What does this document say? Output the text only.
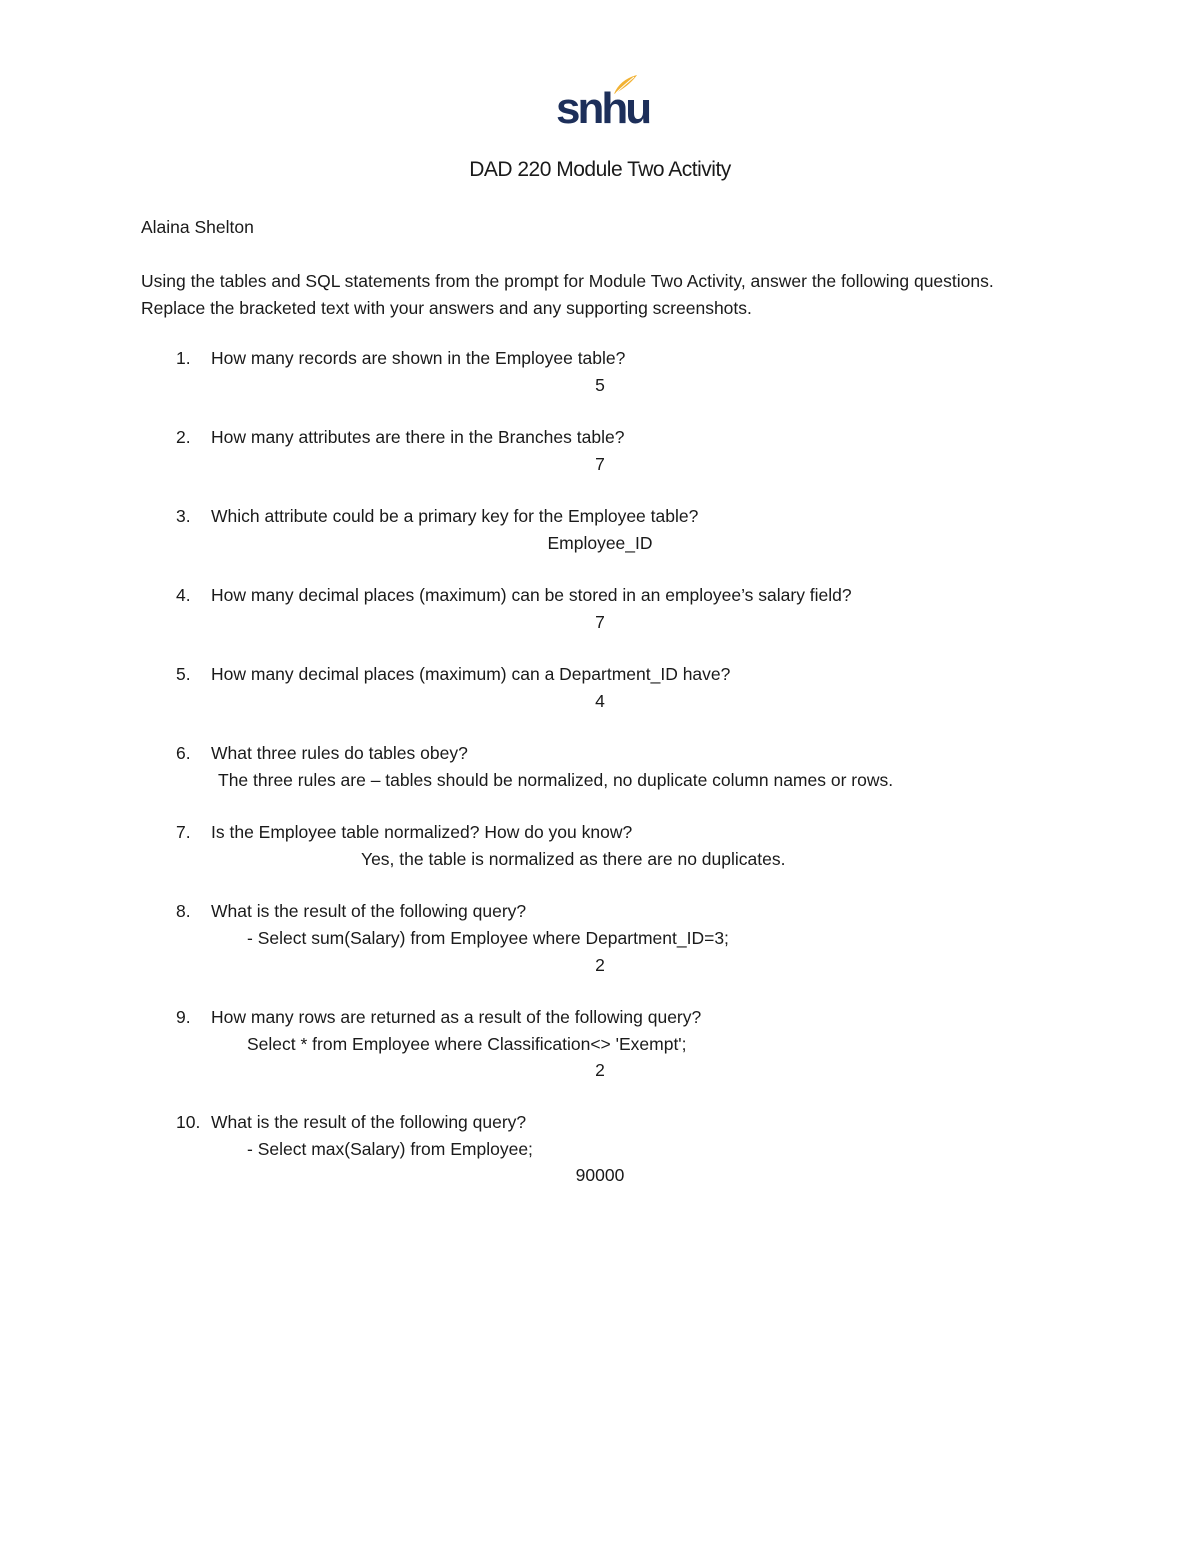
snhu
DAD 220 Module Two Activity
Alaina Shelton
Using the tables and SQL statements from the prompt for Module Two Activity, answer the following questions. Replace the bracketed text with your answers and any supporting screenshots.
1. How many records are shown in the Employee table?
5
2. How many attributes are there in the Branches table?
7
3. Which attribute could be a primary key for the Employee table?
Employee_ID
4. How many decimal places (maximum) can be stored in an employee’s salary field?
7
5. How many decimal places (maximum) can a Department_ID have?
4
6. What three rules do tables obey?
The three rules are – tables should be normalized, no duplicate column names or rows.
7. Is the Employee table normalized? How do you know?
Yes, the table is normalized as there are no duplicates.
8. What is the result of the following query?
- Select sum(Salary) from Employee where Department_ID=3;
2
9. How many rows are returned as a result of the following query?
Select * from Employee where Classification<> 'Exempt';
2
10. What is the result of the following query?
- Select max(Salary) from Employee;
90000
